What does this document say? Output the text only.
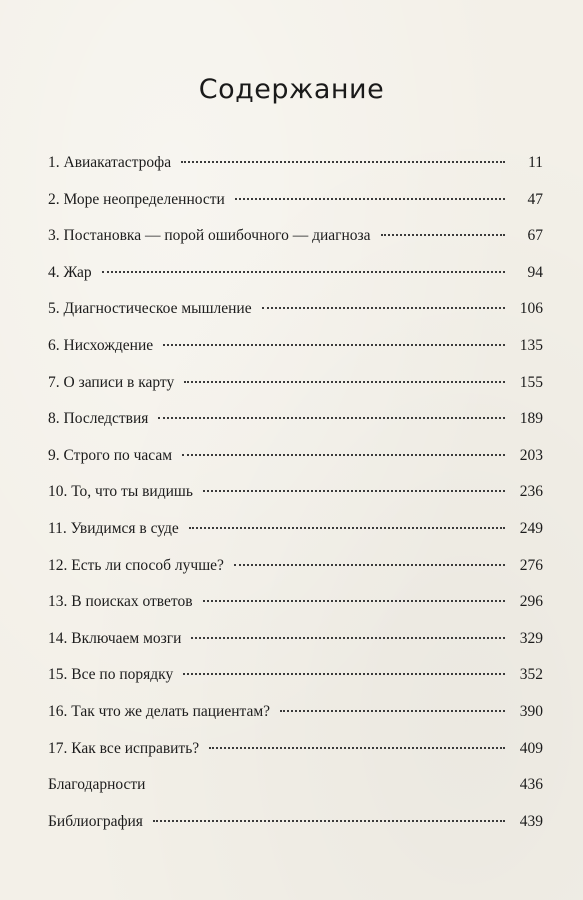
Содержание
1. Авиакатастрофа	11
2. Море неопределенности	47
3. Постановка — порой ошибочного — диагноза	67
4. Жар	94
5. Диагностическое мышление	106
6. Нисхождение	135
7. О записи в карту	155
8. Последствия	189
9. Строго по часам	203
10. То, что ты видишь	236
11. Увидимся в суде	249
12. Есть ли способ лучше?	276
13. В поисках ответов	296
14. Включаем мозги	329
15. Все по порядку	352
16. Так что же делать пациентам?	390
17. Как все исправить?	409
Благодарности	436
Библиография	439
